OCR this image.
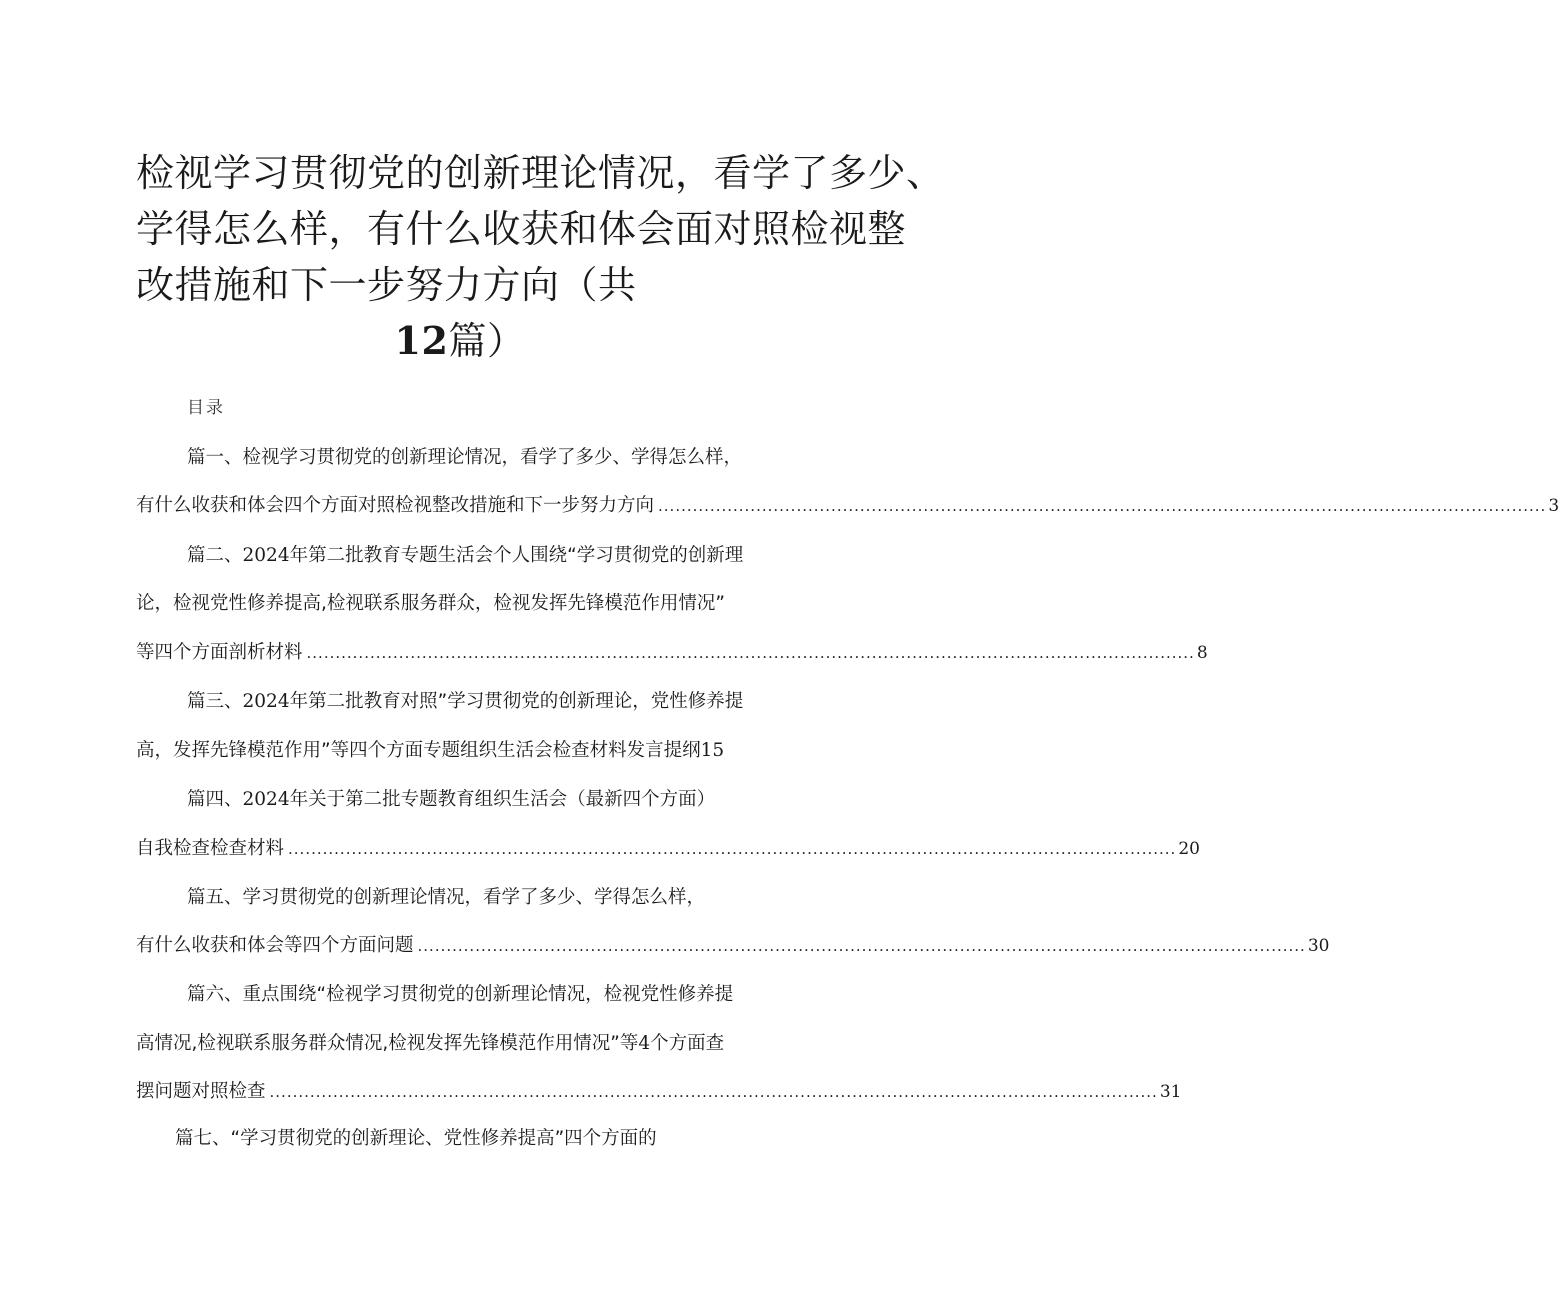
检视学习贯彻党的创新理论情况，看学了多少、
学得怎么样，有什么收获和体会面对照检视整
改措施和下一步努力方向（共
12篇）
目录
篇一、检视学习贯彻党的创新理论情况，看学了多少、学得怎么样，
有什么收获和体会四个方面对照检视整改措施和下一步努力方向 .......................................................................................................................................................... 3
篇二、2024年第二批教育专题生活会个人围绕“学习贯彻党的创新理
论，检视党性修养提高,检视联系服务群众，检视发挥先锋模范作用情况”
等四个方面剖析材料 .......................................................................................................................................................... 8
篇三、2024年第二批教育对照”学习贯彻党的创新理论，党性修养提
高，发挥先锋模范作用”等四个方面专题组织生活会检查材料发言提纲15
篇四、2024年关于第二批专题教育组织生活会（最新四个方面）
自我检查检查材料 .......................................................................................................................................................... 20
篇五、学习贯彻党的创新理论情况，看学了多少、学得怎么样，
有什么收获和体会等四个方面问题 .......................................................................................................................................................... 30
篇六、重点围绕“检视学习贯彻党的创新理论情况，检视党性修养提
高情况,检视联系服务群众情况,检视发挥先锋模范作用情况”等4个方面查
摆问题对照检查 .......................................................................................................................................................... 31
篇七、“学习贯彻党的创新理论、党性修养提高”四个方面的
